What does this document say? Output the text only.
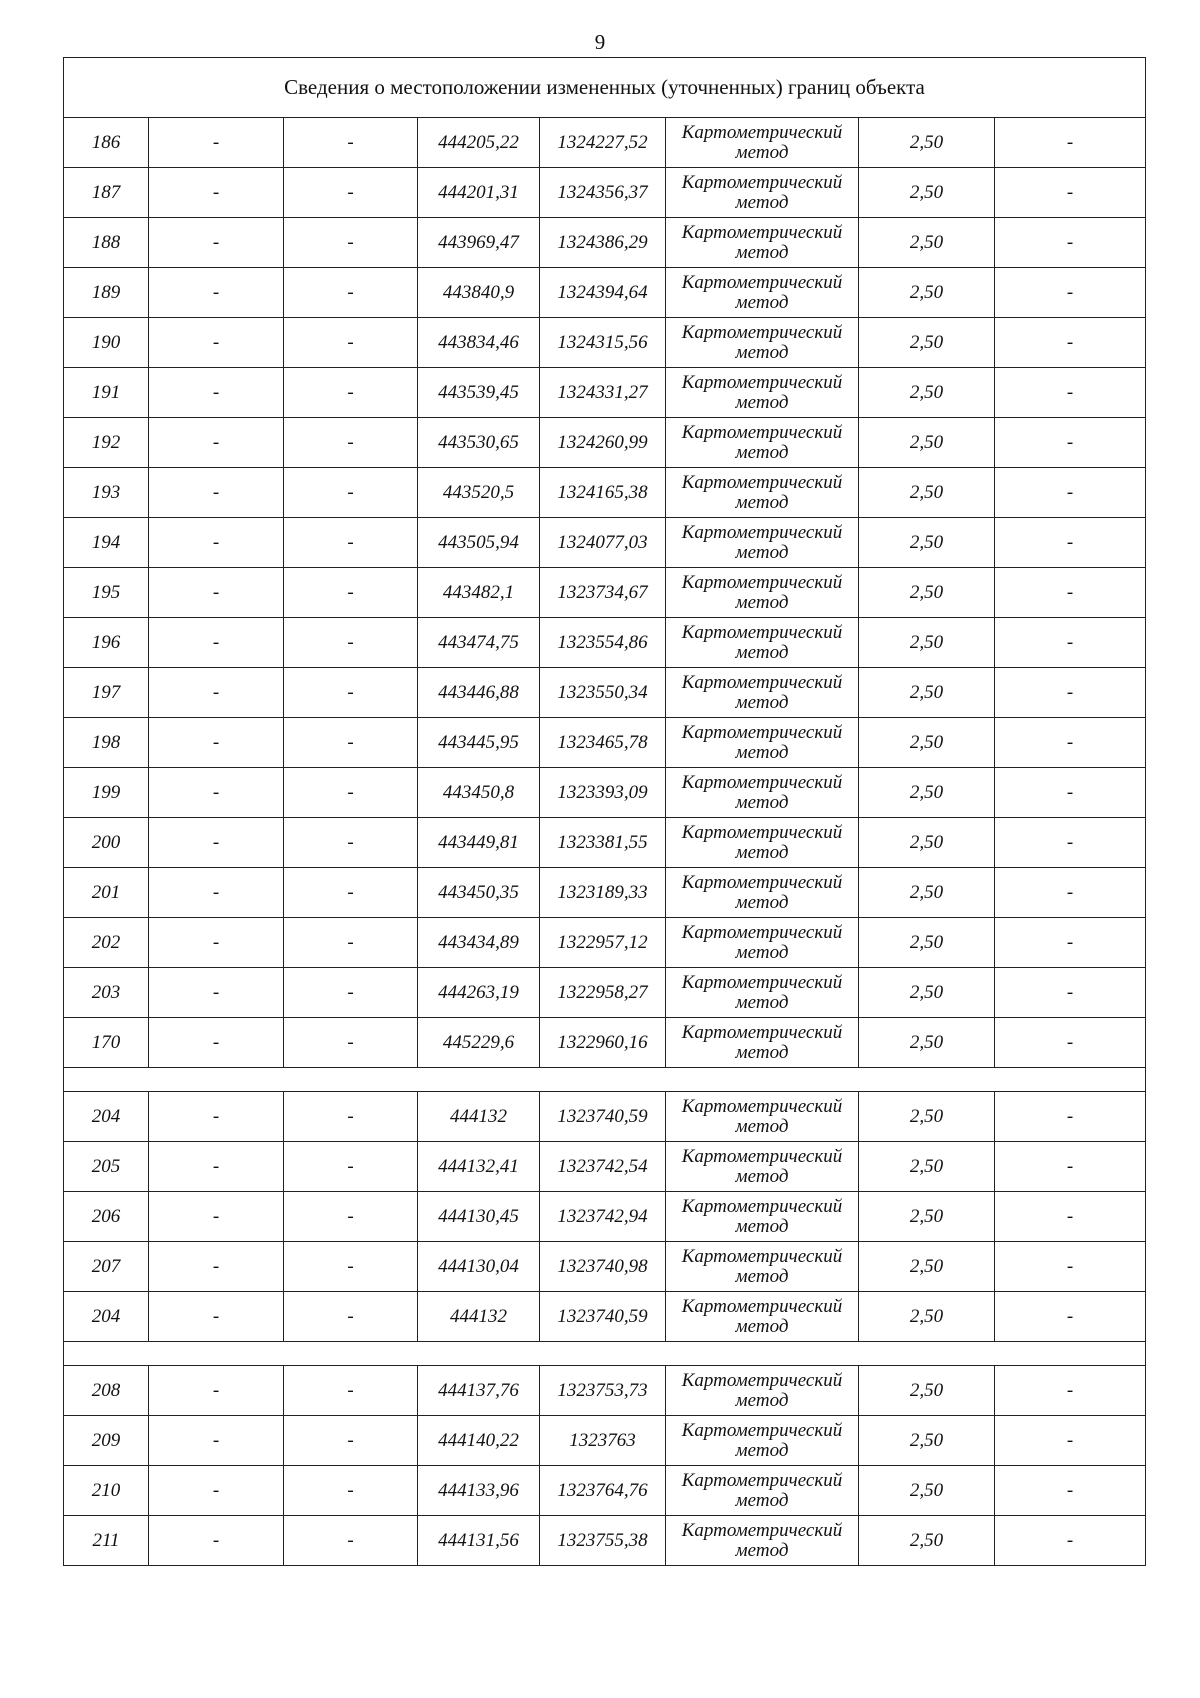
9
Сведения о местоположении измененных (уточненных) границ объекта							
186	-	-	444205,22	1324227,52	Картометрический
метод	2,50	-
187	-	-	444201,31	1324356,37	Картометрический
метод	2,50	-
188	-	-	443969,47	1324386,29	Картометрический
метод	2,50	-
189	-	-	443840,9	1324394,64	Картометрический
метод	2,50	-
190	-	-	443834,46	1324315,56	Картометрический
метод	2,50	-
191	-	-	443539,45	1324331,27	Картометрический
метод	2,50	-
192	-	-	443530,65	1324260,99	Картометрический
метод	2,50	-
193	-	-	443520,5	1324165,38	Картометрический
метод	2,50	-
194	-	-	443505,94	1324077,03	Картометрический
метод	2,50	-
195	-	-	443482,1	1323734,67	Картометрический
метод	2,50	-
196	-	-	443474,75	1323554,86	Картометрический
метод	2,50	-
197	-	-	443446,88	1323550,34	Картометрический
метод	2,50	-
198	-	-	443445,95	1323465,78	Картометрический
метод	2,50	-
199	-	-	443450,8	1323393,09	Картометрический
метод	2,50	-
200	-	-	443449,81	1323381,55	Картометрический
метод	2,50	-
201	-	-	443450,35	1323189,33	Картометрический
метод	2,50	-
202	-	-	443434,89	1322957,12	Картометрический
метод	2,50	-
203	-	-	444263,19	1322958,27	Картометрический
метод	2,50	-
170	-	-	445229,6	1322960,16	Картометрический
метод	2,50	-

204	-	-	444132	1323740,59	Картометрический
метод	2,50	-
205	-	-	444132,41	1323742,54	Картометрический
метод	2,50	-
206	-	-	444130,45	1323742,94	Картометрический
метод	2,50	-
207	-	-	444130,04	1323740,98	Картометрический
метод	2,50	-
204	-	-	444132	1323740,59	Картометрический
метод	2,50	-

208	-	-	444137,76	1323753,73	Картометрический
метод	2,50	-
209	-	-	444140,22	1323763	Картометрический
метод	2,50	-
210	-	-	444133,96	1323764,76	Картометрический
метод	2,50	-
211	-	-	444131,56	1323755,38	Картометрический
метод	2,50	-
